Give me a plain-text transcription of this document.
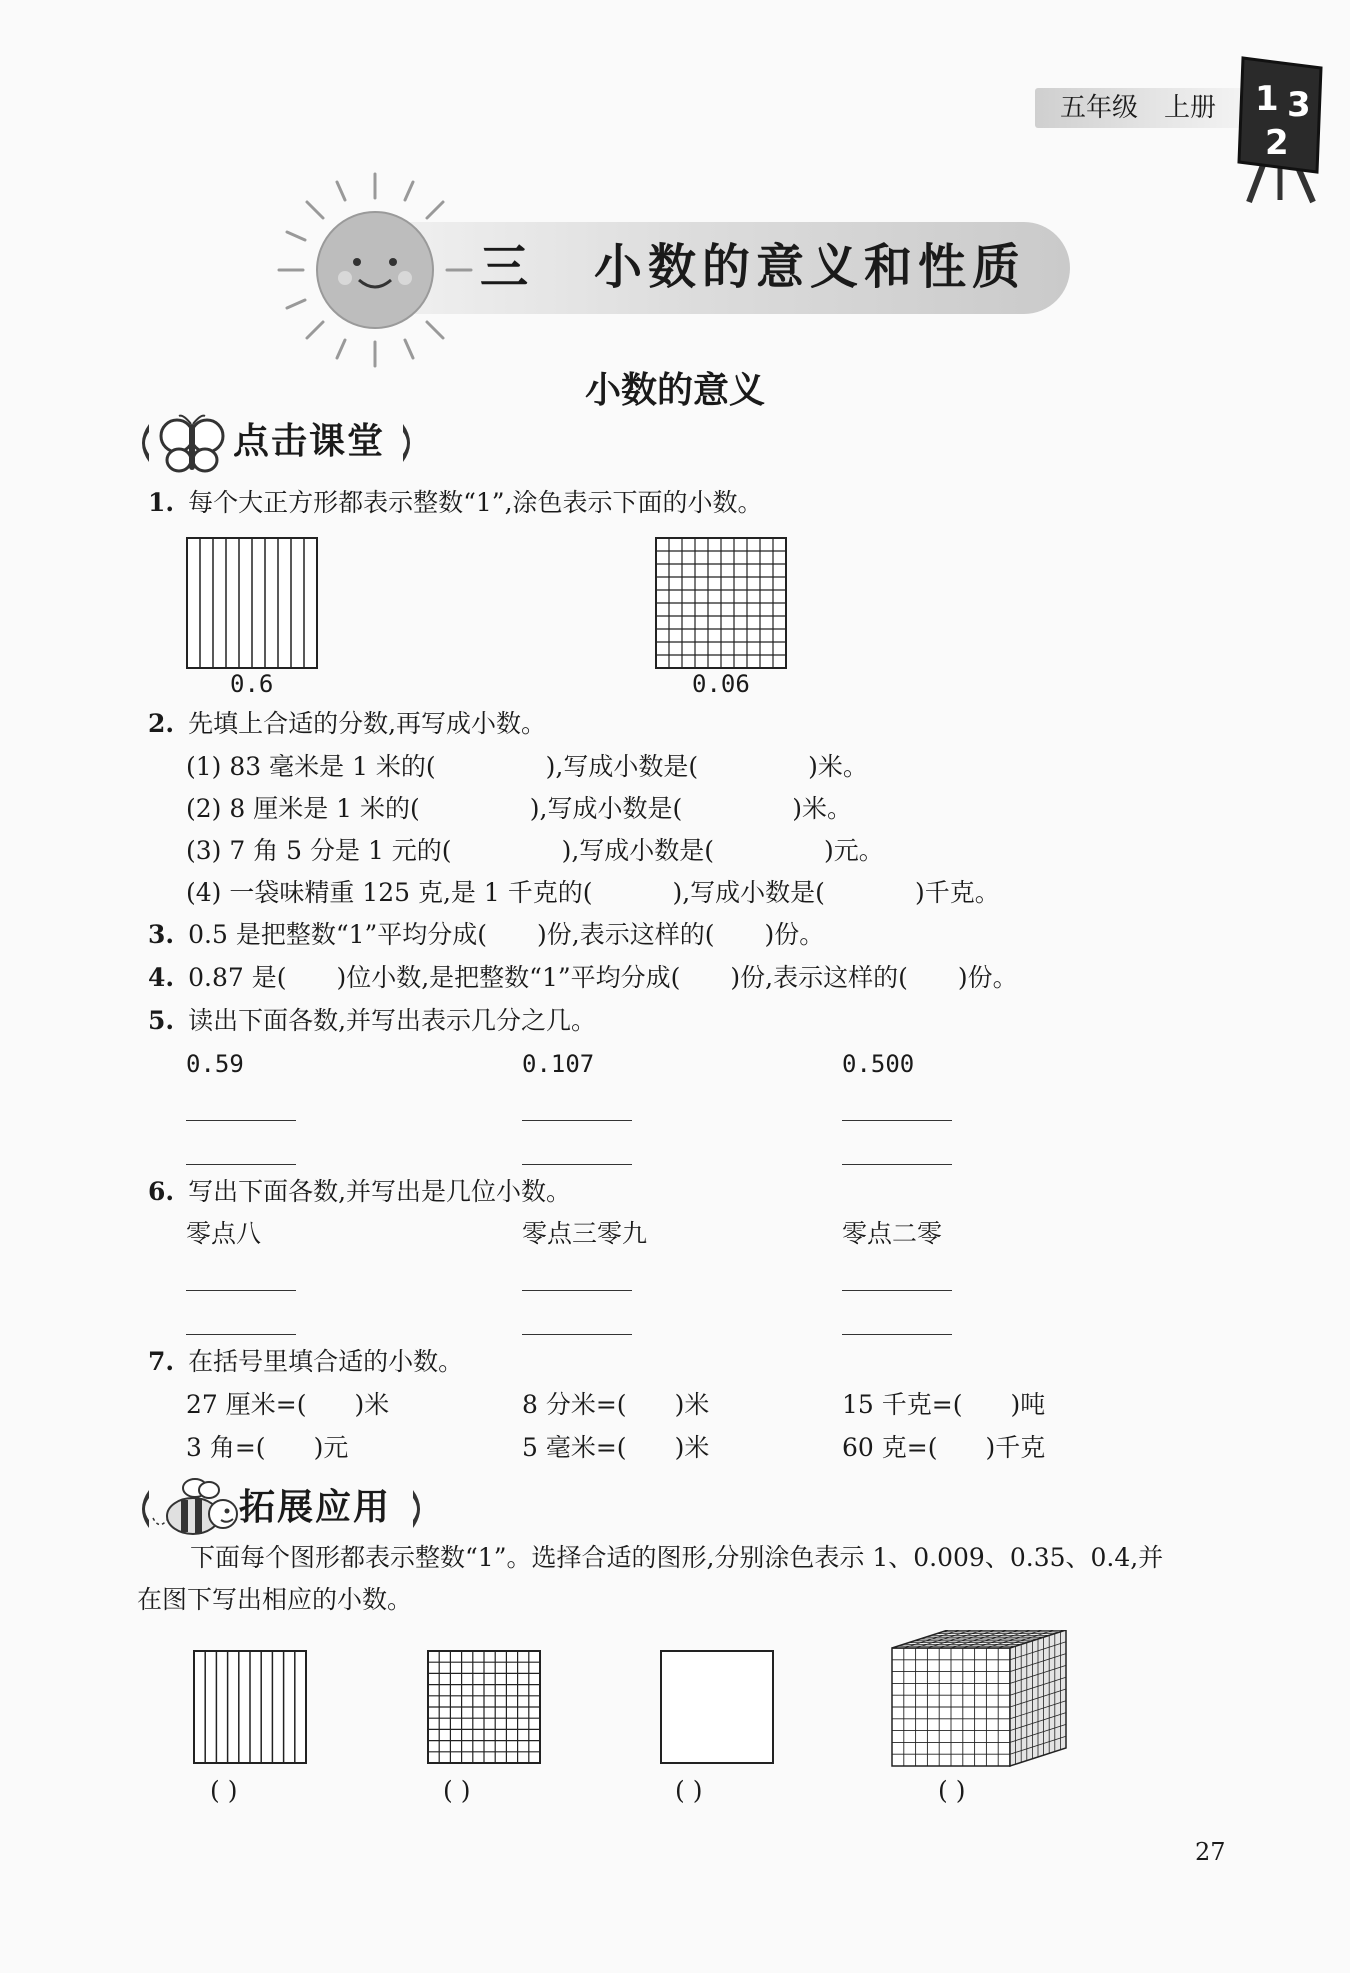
五年级 上册	1 3
2
三 小数的意义和性质
小数的意义
点击课堂
1. 每个大正方形都表示整数“1”,涂色表示下面的小数。
0.6	0.06
2. 先填上合适的分数,再写成小数。
(1) 83 毫米是 1 米的(	),写成小数是(	)米。
(2) 8 厘米是 1 米的(	),写成小数是(	)米。
(3) 7 角 5 分是 1 元的(	),写成小数是(	)元。
(4) 一袋味精重 125 克,是 1 千克的(	),写成小数是(	)千克。
3. 0.5 是把整数“1”平均分成( )份,表示这样的( )份。
4. 0.87 是( )位小数,是把整数“1”平均分成( )份,表示这样的( )份。
5. 读出下面各数,并写出表示几分之几。
0.59	0.107	0.500
6. 写出下面各数,并写出是几位小数。
零点八	零点三零九	零点二零
7. 在括号里填合适的小数。
27 厘米=( )米	8 分米=( )米	15 千克=( )吨
3 角=( )元	5 毫米=( )米	60 克=( )千克
拓展应用
下面每个图形都表示整数“1”。选择合适的图形,分别涂色表示 1、0.009、0.35、0.4,并
在图下写出相应的小数。
( )	( )	( )	( )
27
